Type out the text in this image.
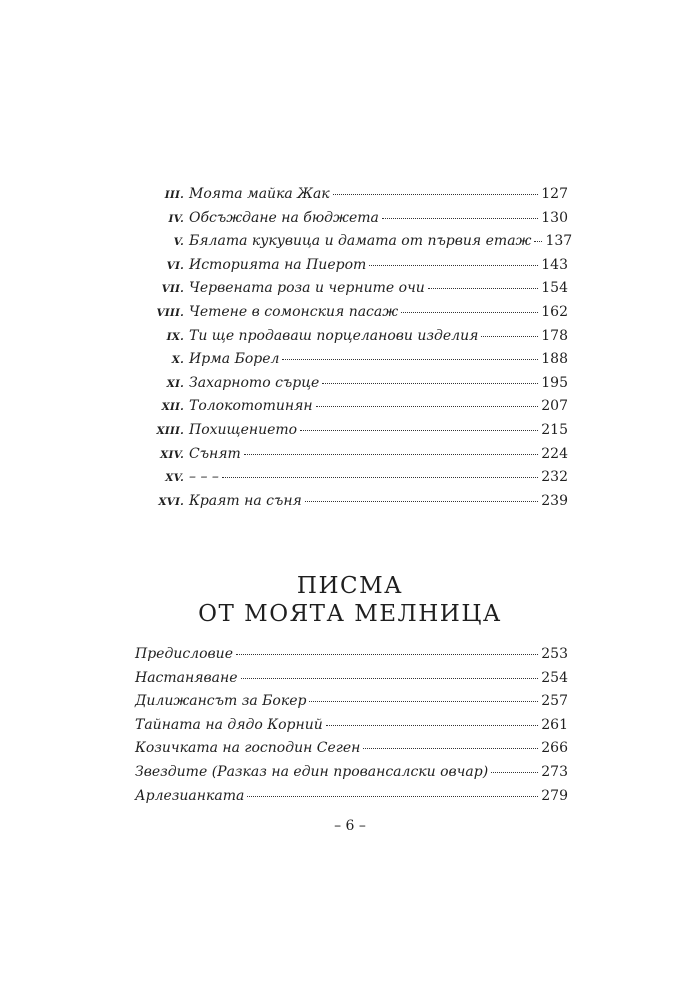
III. Моята майка Жак	127
IV. Обсъждане на бюджета	130
V. Бялата кукувица и дамата от първия етаж 137
VI. Историята на Пиерот	143
VII. Червената роза и черните очи	154
VIII. Четене в сомонския пасаж	162
IX. Ти ще продаваш порцеланови изделия	178
X. Ирма Борел	188
XI. Захарното сърце	195
XII. Толокототинян	207
XIII. Похищението	215
XIV. Сънят	224
XV. – – –	232
XVI. Краят на съня	239
ПИСМА
ОТ МОЯТА МЕЛНИЦА
Предисловие	253
Настаняване	254
Дилижансът за Бокер	257
Тайната на дядо Корний	261
Козичката на господин Сеген	266
Звездите (Разказ на един провансалски овчар)	273
Арлезианката	279
– 6 –
